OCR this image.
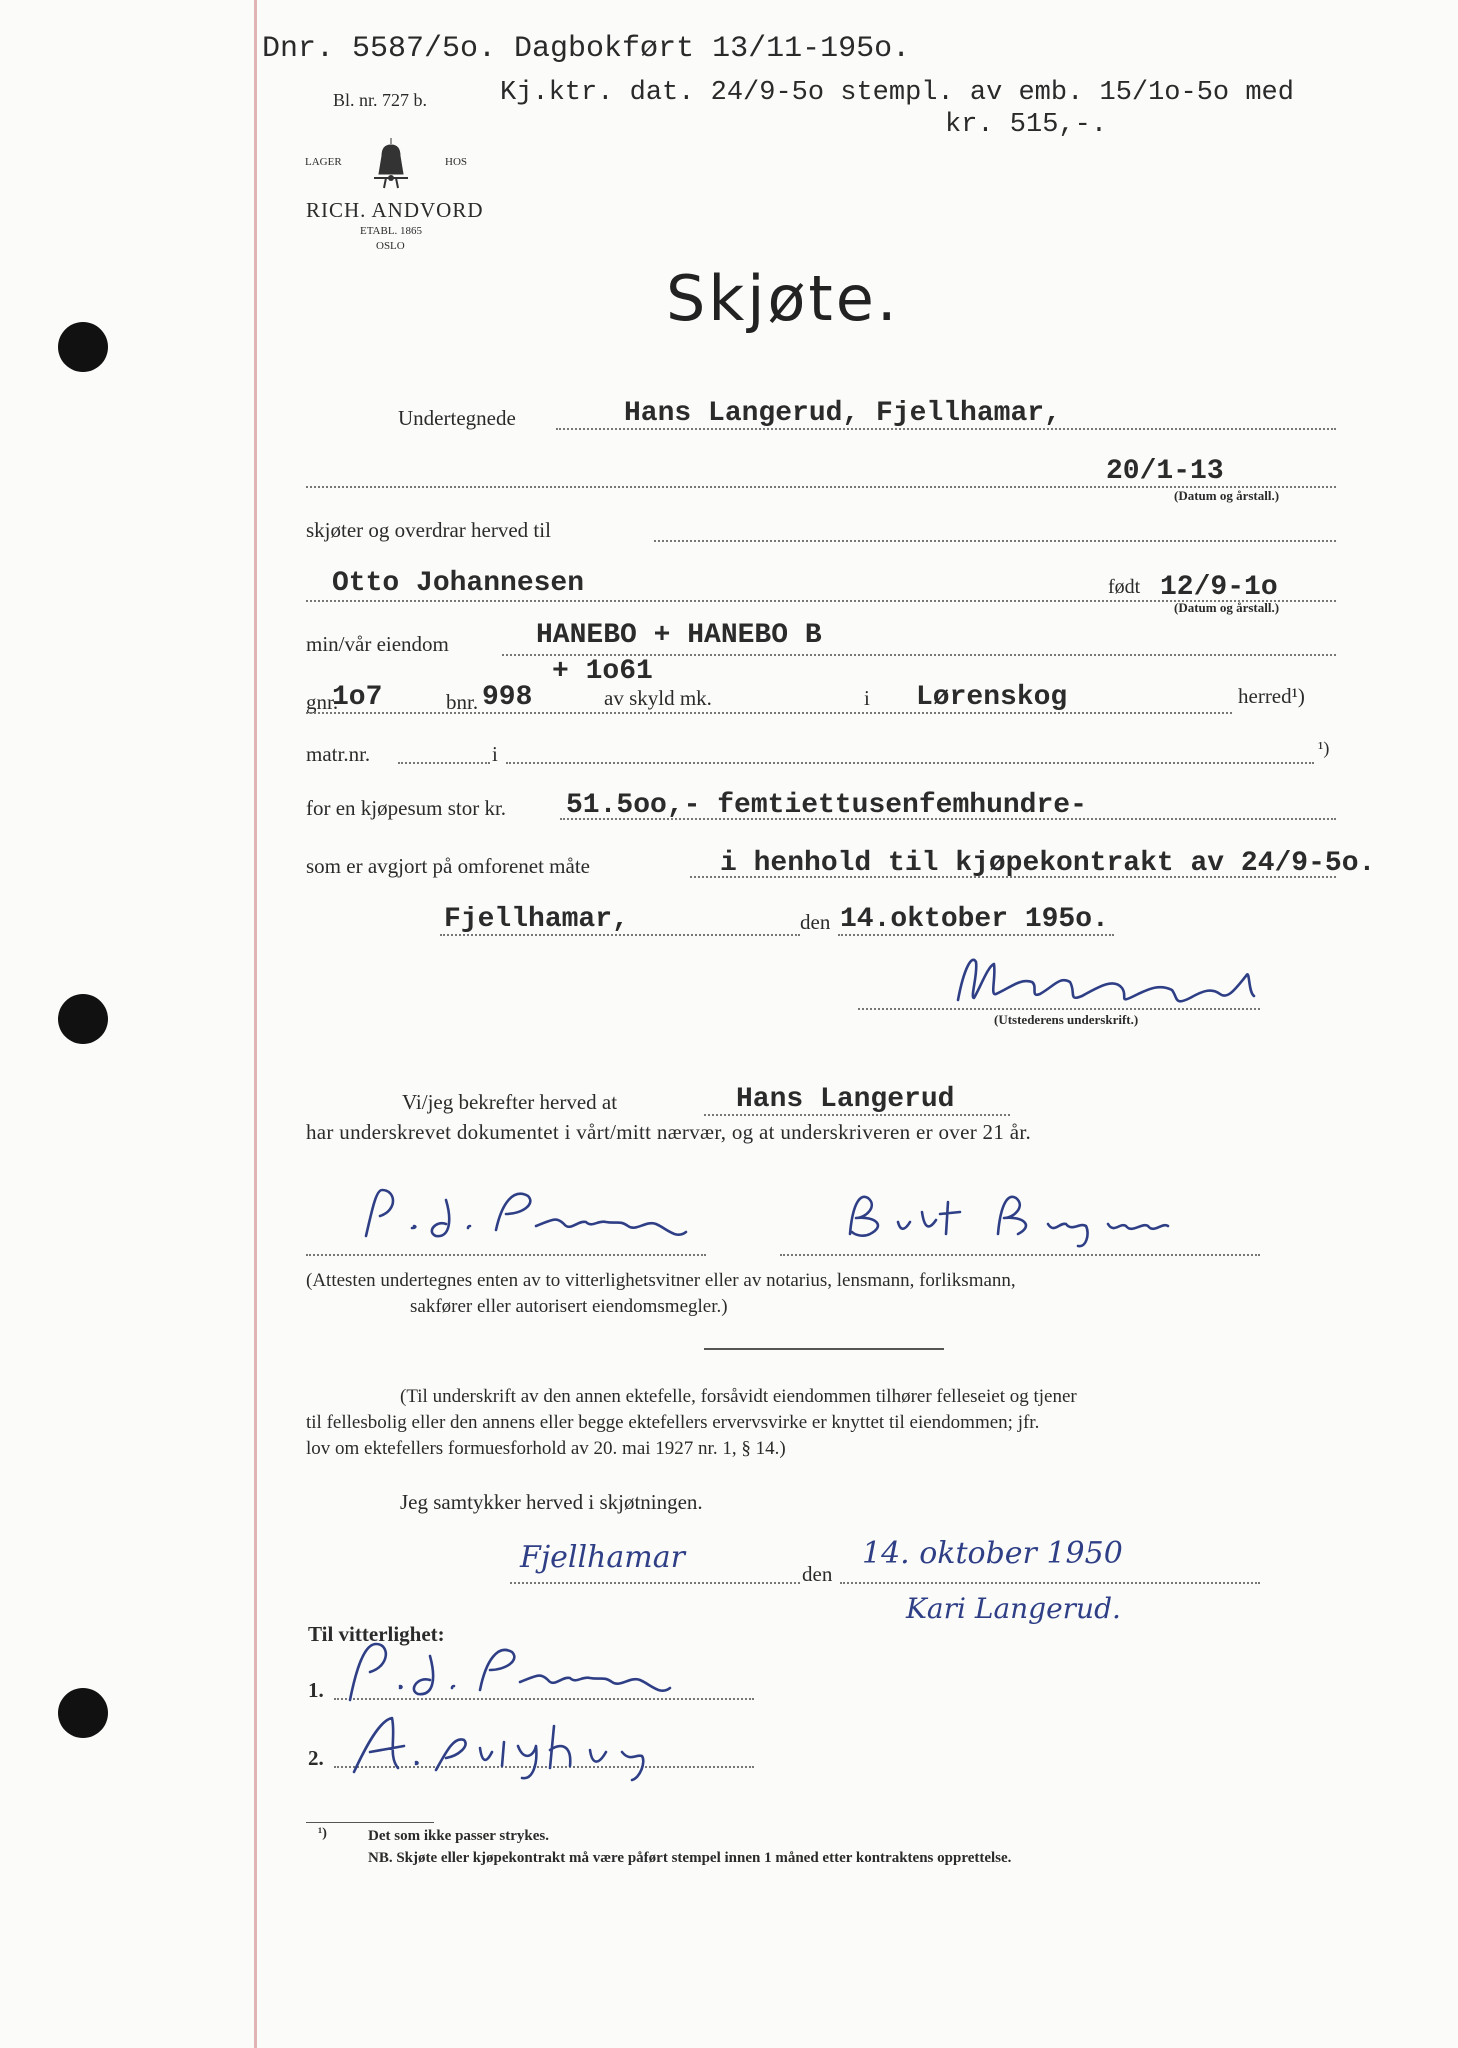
Dnr. 5587/5o. Dagbokført 13/11-195o.
Bl. nr. 727 b.	Kj.ktr. dat. 24/9-5o stempl. av emb. 15/1o-5o med
kr. 515,-.
LAGER	HOS
RICH. ANDVORD
ETABL. 1865
OSLO
Skjøte.
Undertegnede	Hans Langerud, Fjellhamar,
20/1-13
(Datum og årstall.)
skjøter og overdrar herved til
Otto Johannesen	født 12/9-1o
(Datum og årstall.)
min/vår eiendom	HANEBO + HANEBO B
+ 1o61
gnr.
1o7	bnr. 998	av skyld mk.	i Lørenskog	herred¹)
matr.nr.	i	¹)
for en kjøpesum stor kr. 51.5oo,- femtiettusenfemhundre-
som er avgjort på omforenet måte	i henhold til kjøpekontrakt av 24/9-5o.
Fjellhamar,	den 14.oktober 195o.
(Utstederens underskrift.)
Vi/jeg bekrefter herved at	Hans Langerud
har underskrevet dokumentet i vårt/mitt nærvær, og at underskriveren er over 21 år.
(Attesten undertegnes enten av to vitterlighetsvitner eller av notarius, lensmann, forliksmann,
sakfører eller autorisert eiendomsmegler.)
(Til underskrift av den annen ektefelle, forsåvidt eiendommen tilhører felleseiet og tjener
til fellesbolig eller den annens eller begge ektefellers ervervsvirke er knyttet til eiendommen; jfr.
lov om ektefellers formuesforhold av 20. mai 1927 nr. 1, § 14.)
Jeg samtykker herved i skjøtningen.
Fjellhamar	den
14. oktober 1950
Kari Langerud.
Til vitterlighet:
1.
2.
¹)	Det som ikke passer strykes.
NB. Skjøte eller kjøpekontrakt må være påført stempel innen 1 måned etter kontraktens opprettelse.
